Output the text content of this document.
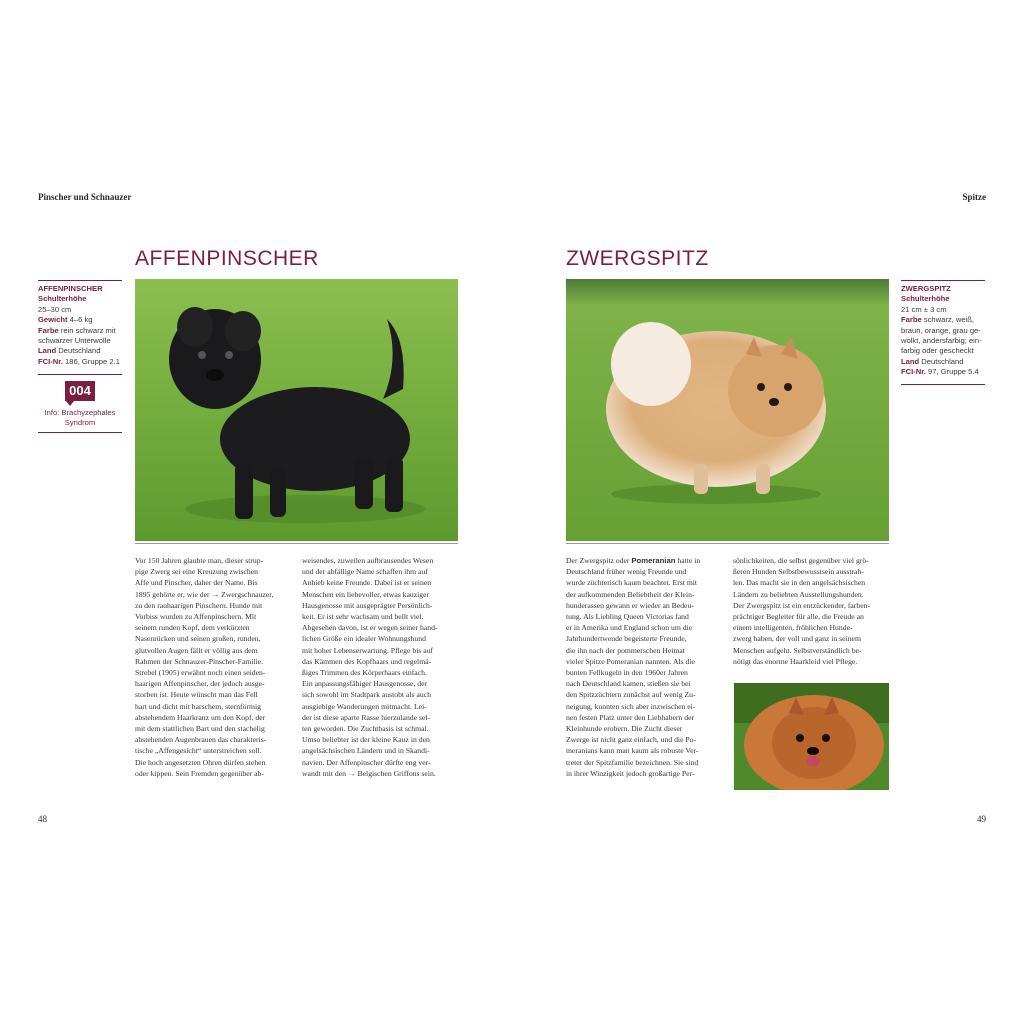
Pinscher und Schnauzer
AFFENPINSCHER
AFFENPINSCHER
Schulterhöhe
25–30 cm
Gewicht 4–6 kg
Farbe rein schwarz mit
schwarzer Unterwolle
Land Deutschland
FCI-Nr. 186, Gruppe 2.1
004
Info: Brachyzephales
Syndrom
Vor 150 Jahren glaubte man, dieser strup-
pige Zwerg sei eine Kreuzung zwischen
Affe und Pinscher, daher der Name. Bis
1895 gehörte er, wie der → Zwergschnauzer,
zu den rauhaarigen Pinschern. Hunde mit
Vorbiss wurden zu Affenpinschern. Mit
seinem runden Kopf, dem verkürzten
Nasenrücken und seinen großen, runden,
glutvollen Augen fällt er völlig aus dem
Rahmen der Schnauzer-Pinscher-Familie.
Strebel (1905) erwähnt noch einen seiden-
haarigen Affenpinscher, der jedoch ausge-
storben ist. Heute wünscht man das Fell
hart und dicht mit harschem, sternförmig
abstehendem Haarkranz um den Kopf, der
mit dem stattlichen Bart und den stachelig
abstehenden Augenbrauen das charakteris-
tische „Affengesicht“ unterstreichen soll.
Die hoch angesetzten Ohren dürfen stehen
oder kippen. Sein Fremden gegenüber ab-
weisendes, zuweilen aufbrausendes Wesen
und der abfällige Name schaffen ihm auf
Anhieb keine Freunde. Dabei ist er seinen
Menschen ein liebevoller, etwas kauziger
Hausgenosse mit ausgeprägter Persönlich-
keit. Er ist sehr wachsam und bellt viel.
Abgesehen davon, ist er wegen seiner hand-
lichen Größe ein idealer Wohnungshund
mit hoher Lebenserwartung. Pflege bis auf
das Kämmen des Kopfhaars und regelmä-
ßiges Trimmen des Körperhaars einfach.
Ein anpassungsfähiger Hausgenosse, der
sich sowohl im Stadtpark austobt als auch
ausgiebige Wanderungen mitmacht. Lei-
der ist diese aparte Rasse hierzulande sel-
ten geworden. Die Zuchtbasis ist schmal.
Umso beliebter ist der kleine Kauz in den
angelsächsischen Ländern und in Skandi-
navien. Der Affenpinscher dürfte eng ver-
wandt mit den → Belgischen Griffons sein.
48
Spitze
ZWERGSPITZ
ZWERGSPITZ
Schulterhöhe
21 cm ± 3 cm
Farbe schwarz, weiß,
braun, orange, grau ge-
wolkt, andersfarbig; ein-
farbig oder gescheckt
Land Deutschland
FCI-Nr. 97, Gruppe 5.4
Der Zwergspitz oder Pomeranian hatte in
Deutschland früher wenig Freunde und
wurde züchterisch kaum beachtet. Erst mit
der aufkommenden Beliebtheit der Klein-
hunderassen gewann er wieder an Bedeu-
tung. Als Liebling Queen Victorias fand
er in Amerika und England schon um die
Jahrhundertwende begeisterte Freunde,
die ihn nach der pommerschen Heimat
vieler Spitze Pomeranian nannten. Als die
bunten Fellkugeln in den 1960er Jahren
nach Deutschland kamen, stießen sie bei
den Spitzzüchtern zunächst auf wenig Zu-
neigung, konnten sich aber inzwischen ei-
nen festen Platz unter den Liebhabern der
Kleinhunde erobern. Die Zucht dieser
Zwerge ist nicht ganz einfach, und die Po-
meranians kann man kaum als robuste Ver-
treter der Spitzfamilie bezeichnen. Sie sind
in ihrer Winzigkeit jedoch großartige Per-
sönlichkeiten, die selbst gegenüber viel grö-
ßeren Hunden Selbstbewusstsein ausstrah-
len. Das macht sie in den angelsächsischen
Ländern zu beliebten Ausstellungshunden.
Der Zwergspitz ist ein entzückender, farben-
prächtiger Begleiter für alle, die Freude an
einem intelligenten, fröhlichen Hunde-
zwerg haben, der voll und ganz in seinem
Menschen aufgeht. Selbstverständlich be-
nötigt das enorme Haarkleid viel Pflege.
49
